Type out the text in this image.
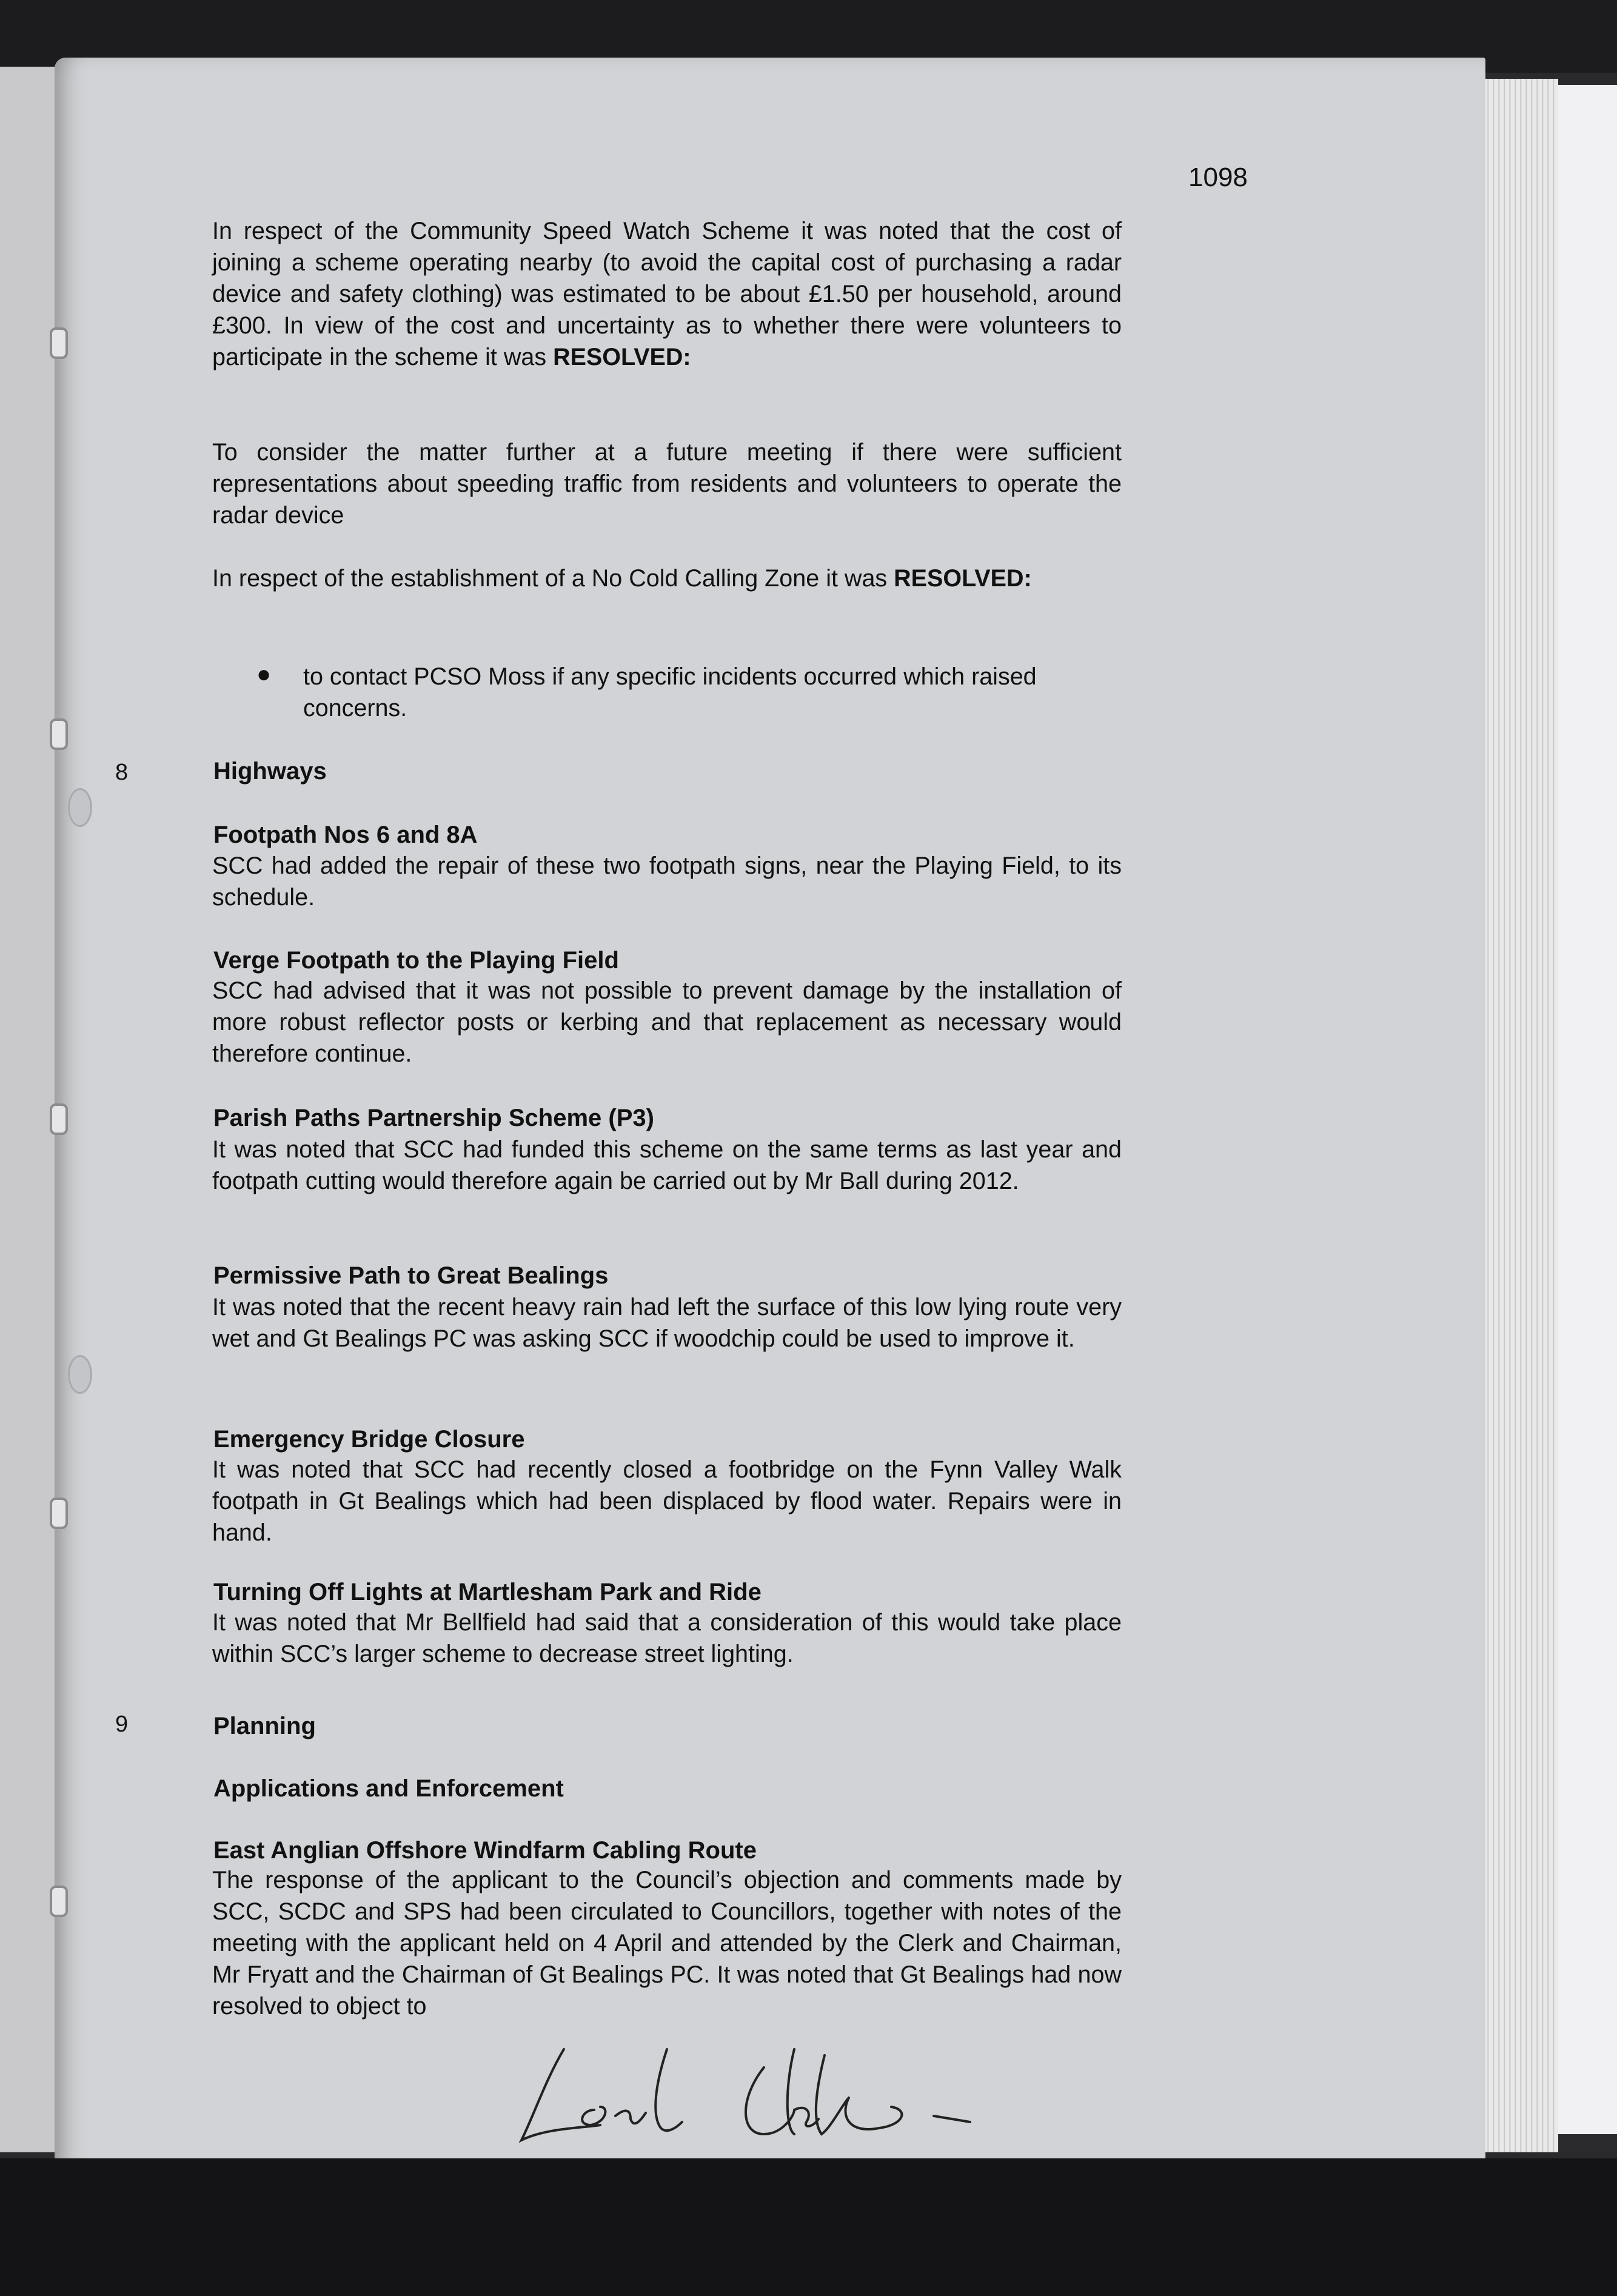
1098
In respect of the Community Speed Watch Scheme it was noted that the cost of joining a scheme operating nearby (to avoid the capital cost of purchasing a radar device and safety clothing) was estimated to be about £1.50 per household, around £300. In view of the cost and uncertainty as to whether there were volunteers to participate in the scheme it was RESOLVED:
To consider the matter further at a future meeting if there were sufficient representations about speeding traffic from residents and volunteers to operate the radar device
In respect of the establishment of a No Cold Calling Zone it was RESOLVED:
● to contact PCSO Moss if any specific incidents occurred which raised concerns.
8	Highways
Footpath Nos 6 and 8A
SCC had added the repair of these two footpath signs, near the Playing Field, to its schedule.
Verge Footpath to the Playing Field
SCC had advised that it was not possible to prevent damage by the installation of more robust reflector posts or kerbing and that replacement as necessary would therefore continue.
Parish Paths Partnership Scheme (P3)
It was noted that SCC had funded this scheme on the same terms as last year and footpath cutting would therefore again be carried out by Mr Ball during 2012.
Permissive Path to Great Bealings
It was noted that the recent heavy rain had left the surface of this low lying route very wet and Gt Bealings PC was asking SCC if woodchip could be used to improve it.
Emergency Bridge Closure
It was noted that SCC had recently closed a footbridge on the Fynn Valley Walk footpath in Gt Bealings which had been displaced by flood water. Repairs were in hand.
Turning Off Lights at Martlesham Park and Ride
It was noted that Mr Bellfield had said that a consideration of this would take place within SCC’s larger scheme to decrease street lighting.
9	Planning
Applications and Enforcement
East Anglian Offshore Windfarm Cabling Route
The response of the applicant to the Council’s objection and comments made by SCC, SCDC and SPS had been circulated to Councillors, together with notes of the meeting with the applicant held on 4 April and attended by the Clerk and Chairman, Mr Fryatt and the Chairman of Gt Bealings PC. It was noted that Gt Bealings had now resolved to object to
